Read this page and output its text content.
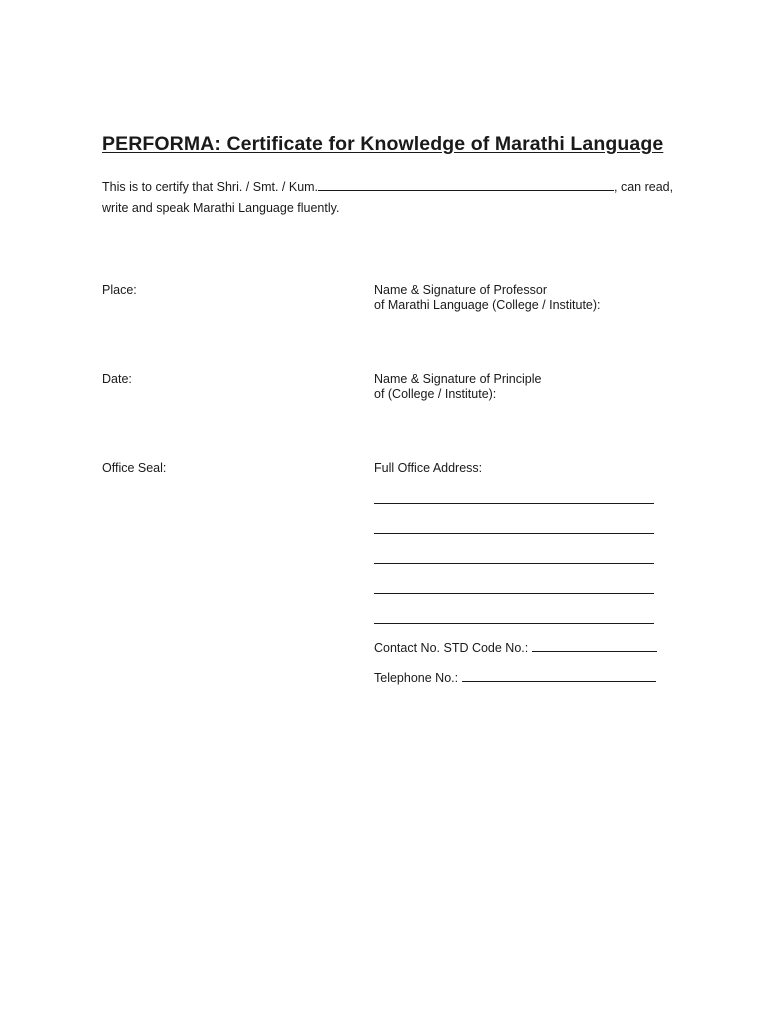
PERFORMA: Certificate for Knowledge of Marathi Language
This is to certify that Shri. / Smt. / Kum.	, can read,
write and speak Marathi Language fluently.
Place:	Name & Signature of Professor
of Marathi Language (College / Institute):
Date:	Name & Signature of Principle
of (College / Institute):
Office Seal:	Full Office Address:
Contact No. STD Code No.:
Telephone No.:
